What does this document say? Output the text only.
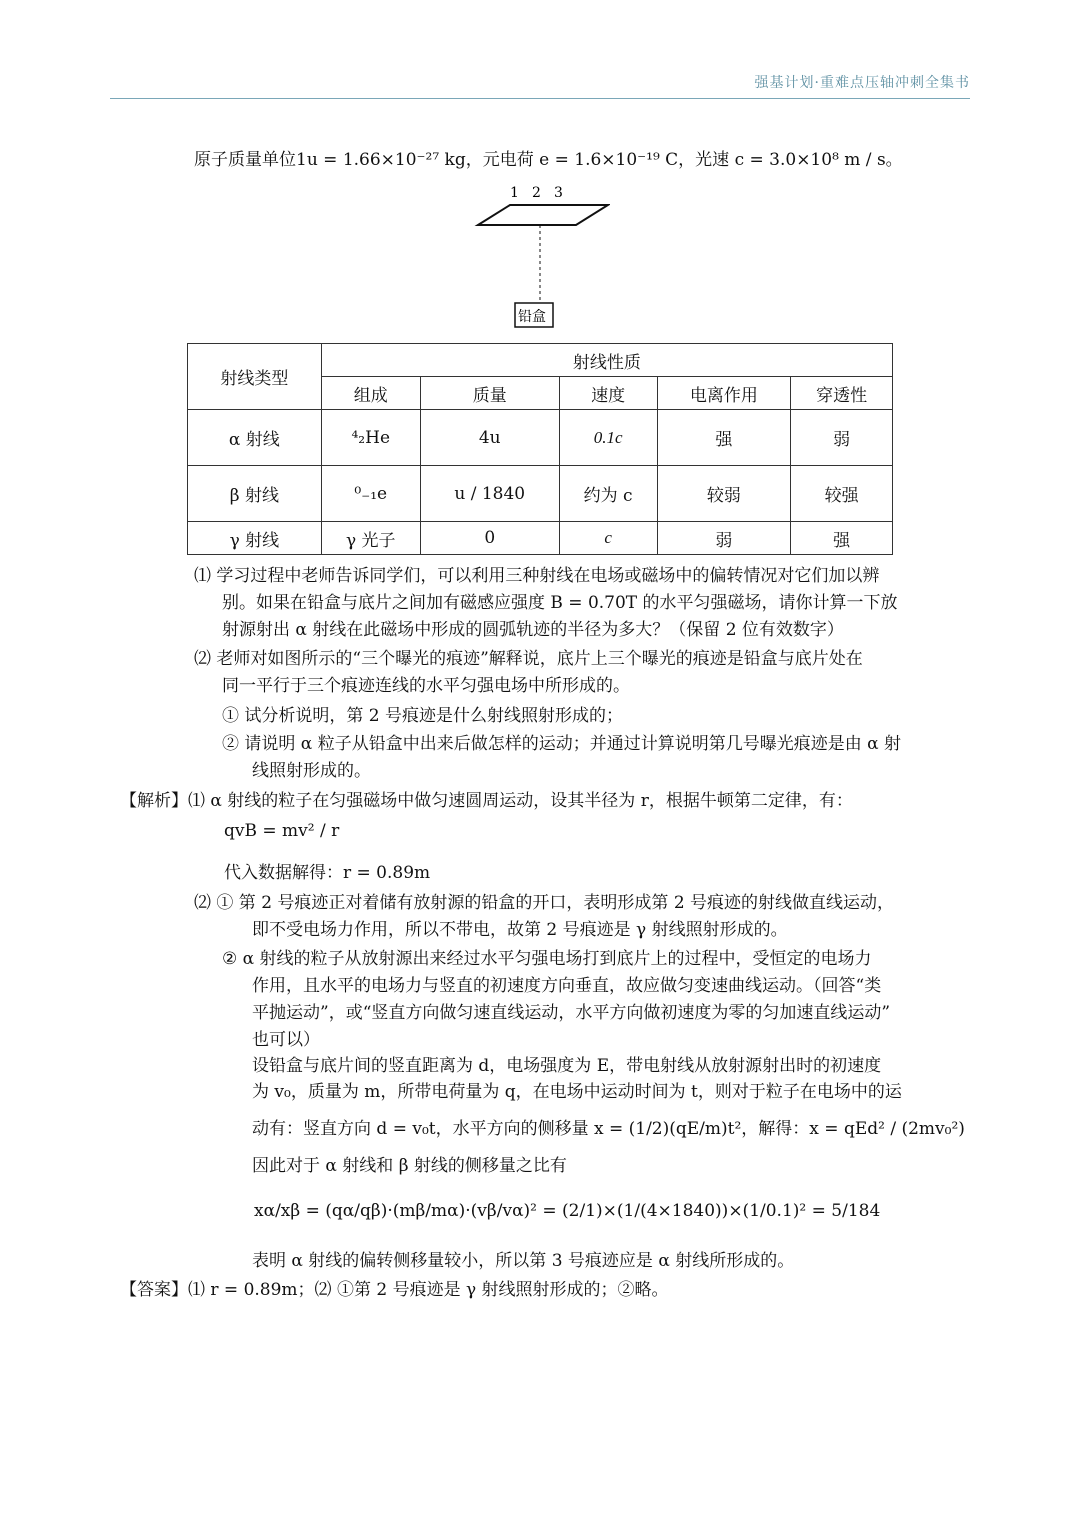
强基计划·重难点压轴冲刺全集书
原子质量单位1u = 1.66×10⁻²⁷ kg，元电荷 e = 1.6×10⁻¹⁹ C，光速 c = 3.0×10⁸ m / s。
1 2 3
铅盒
射线类型	射线性质				
	组成	质量	速度	电离作用	穿透性
α 射线	⁴₂He	4u	0.1c	强	弱
β 射线	⁰₋₁e	u / 1840	约为 c	较弱	较强
γ 射线	γ 光子	0	c	弱	强
⑴ 学习过程中老师告诉同学们，可以利用三种射线在电场或磁场中的偏转情况对它们加以辨
别。如果在铅盒与底片之间加有磁感应强度 B = 0.70T 的水平匀强磁场，请你计算一下放
射源射出 α 射线在此磁场中形成的圆弧轨迹的半径为多大？（保留 2 位有效数字）
⑵ 老师对如图所示的“三个曝光的痕迹”解释说，底片上三个曝光的痕迹是铅盒与底片处在
同一平行于三个痕迹连线的水平匀强电场中所形成的。
① 试分析说明，第 2 号痕迹是什么射线照射形成的；
② 请说明 α 粒子从铅盒中出来后做怎样的运动；并通过计算说明第几号曝光痕迹是由 α 射
线照射形成的。
【解析】⑴ α 射线的粒子在匀强磁场中做匀速圆周运动，设其半径为 r，根据牛顿第二定律，有：
qvB = mv² / r
代入数据解得：r = 0.89m
⑵ ① 第 2 号痕迹正对着储有放射源的铅盒的开口，表明形成第 2 号痕迹的射线做直线运动，
即不受电场力作用，所以不带电，故第 2 号痕迹是 γ 射线照射形成的。
② α 射线的粒子从放射源出来经过水平匀强电场打到底片上的过程中，受恒定的电场力
作用，且水平的电场力与竖直的初速度方向垂直，故应做匀变速曲线运动。（回答“类
平抛运动”，或“竖直方向做匀速直线运动，水平方向做初速度为零的匀加速直线运动”
也可以）
设铅盒与底片间的竖直距离为 d，电场强度为 E，带电射线从放射源射出时的初速度
为 v₀，质量为 m，所带电荷量为 q，在电场中运动时间为 t，则对于粒子在电场中的运
动有：竖直方向 d = v₀t，水平方向的侧移量 x = (1/2)(qE/m)t²，解得：x = qEd² / (2mv₀²)
因此对于 α 射线和 β 射线的侧移量之比有
xα/xβ = (qα/qβ)·(mβ/mα)·(vβ/vα)² = (2/1)×(1/(4×1840))×(1/0.1)² = 5/184
表明 α 射线的偏转侧移量较小，所以第 3 号痕迹应是 α 射线所形成的。
【答案】⑴ r = 0.89m；⑵ ①第 2 号痕迹是 γ 射线照射形成的；②略。
